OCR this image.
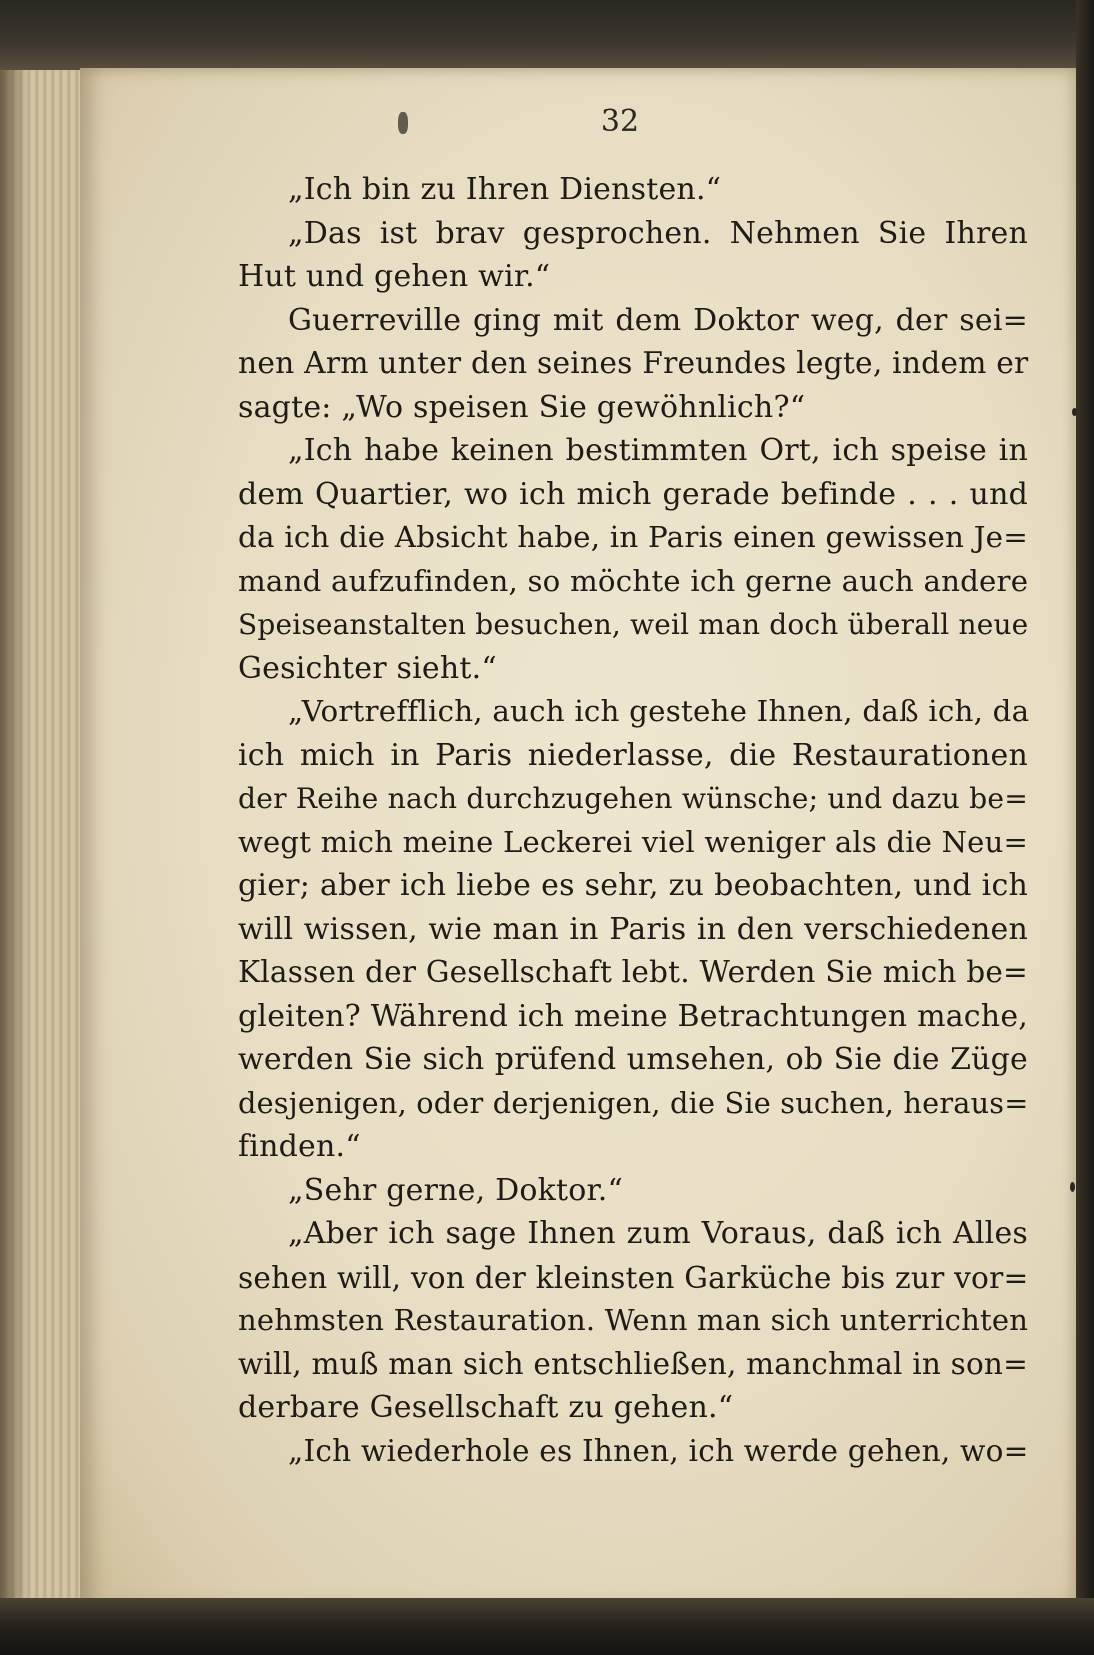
32
„Ich bin zu Ihren Diensten.“
„Das ist brav gesprochen. Nehmen Sie Ihren
Hut und gehen wir.“
Guerreville ging mit dem Doktor weg, der sei=
nen Arm unter den seines Freundes legte, indem er
sagte: „Wo speisen Sie gewöhnlich?“
„Ich habe keinen bestimmten Ort, ich speise in
dem Quartier, wo ich mich gerade befinde . . . und
da ich die Absicht habe, in Paris einen gewissen Je=
mand aufzufinden, so möchte ich gerne auch andere
Speiseanstalten besuchen, weil man doch überall neue
Gesichter sieht.“
„Vortrefflich, auch ich gestehe Ihnen, daß ich, da
ich mich in Paris niederlasse, die Restaurationen
der Reihe nach durchzugehen wünsche; und dazu be=
wegt mich meine Leckerei viel weniger als die Neu=
gier; aber ich liebe es sehr, zu beobachten, und ich
will wissen, wie man in Paris in den verschiedenen
Klassen der Gesellschaft lebt. Werden Sie mich be=
gleiten? Während ich meine Betrachtungen mache,
werden Sie sich prüfend umsehen, ob Sie die Züge
desjenigen, oder derjenigen, die Sie suchen, heraus=
finden.“
„Sehr gerne, Doktor.“
„Aber ich sage Ihnen zum Voraus, daß ich Alles
sehen will, von der kleinsten Garküche bis zur vor=
nehmsten Restauration. Wenn man sich unterrichten
will, muß man sich entschließen, manchmal in son=
derbare Gesellschaft zu gehen.“
„Ich wiederhole es Ihnen, ich werde gehen, wo=
